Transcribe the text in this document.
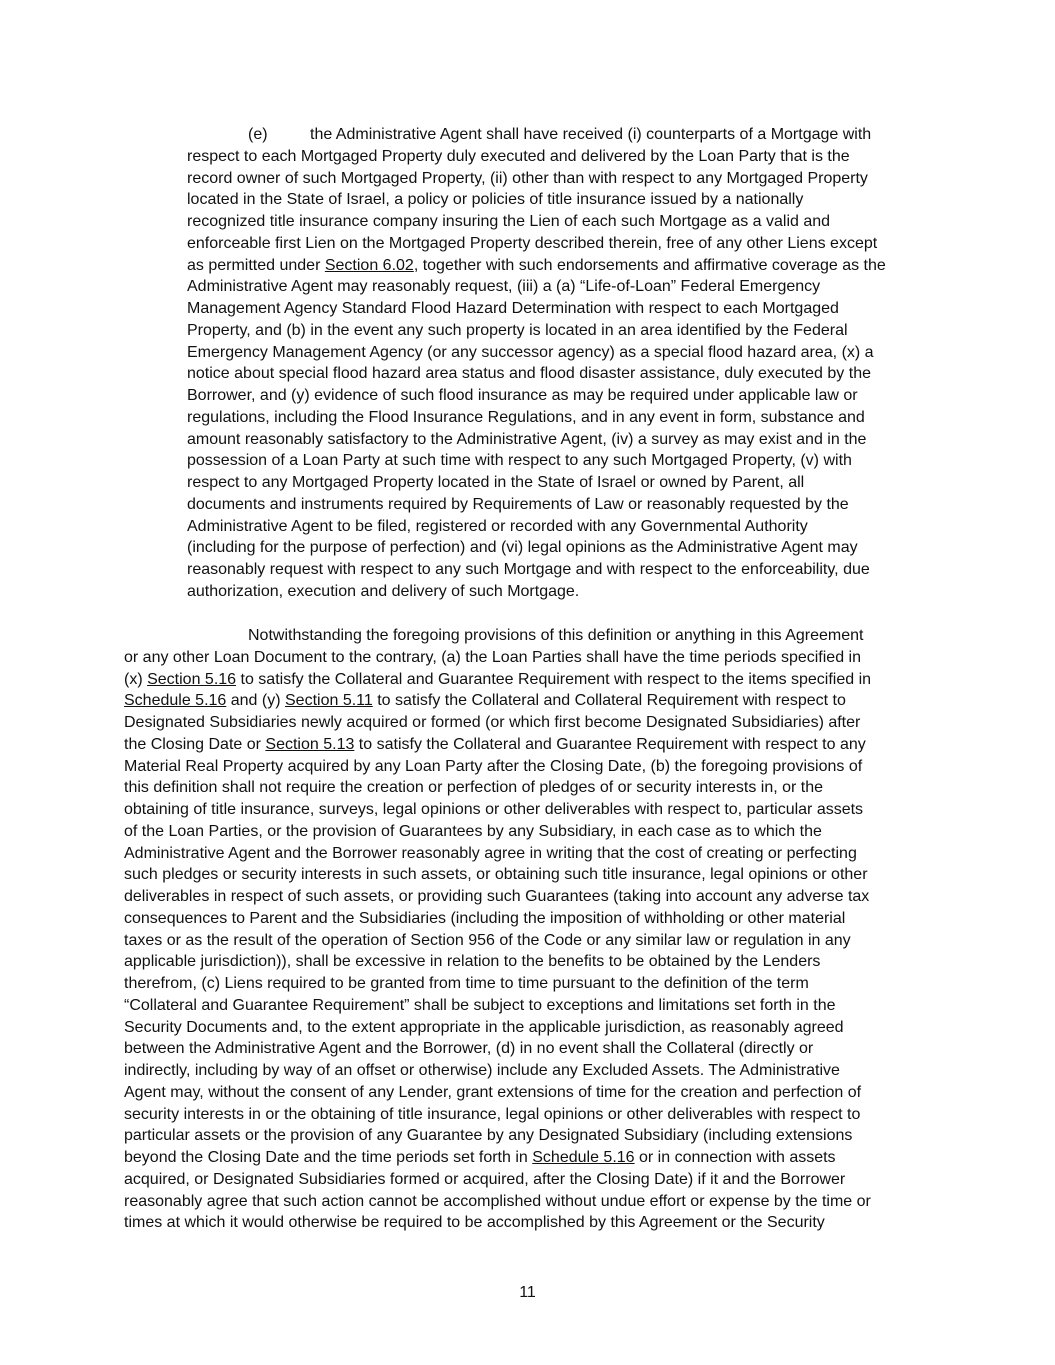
(e)	the Administrative Agent shall have received (i) counterparts of a Mortgage with
respect to each Mortgaged Property duly executed and delivered by the Loan Party that is the
record owner of such Mortgaged Property, (ii) other than with respect to any Mortgaged Property
located in the State of Israel, a policy or policies of title insurance issued by a nationally
recognized title insurance company insuring the Lien of each such Mortgage as a valid and
enforceable first Lien on the Mortgaged Property described therein, free of any other Liens except
as permitted under Section 6.02, together with such endorsements and affirmative coverage as the
Administrative Agent may reasonably request, (iii) a (a) “Life-of-Loan” Federal Emergency
Management Agency Standard Flood Hazard Determination with respect to each Mortgaged
Property, and (b) in the event any such property is located in an area identified by the Federal
Emergency Management Agency (or any successor agency) as a special flood hazard area, (x) a
notice about special flood hazard area status and flood disaster assistance, duly executed by the
Borrower, and (y) evidence of such flood insurance as may be required under applicable law or
regulations, including the Flood Insurance Regulations, and in any event in form, substance and
amount reasonably satisfactory to the Administrative Agent, (iv) a survey as may exist and in the
possession of a Loan Party at such time with respect to any such Mortgaged Property, (v) with
respect to any Mortgaged Property located in the State of Israel or owned by Parent, all
documents and instruments required by Requirements of Law or reasonably requested by the
Administrative Agent to be filed, registered or recorded with any Governmental Authority
(including for the purpose of perfection) and (vi) legal opinions as the Administrative Agent may
reasonably request with respect to any such Mortgage and with respect to the enforceability, due
authorization, execution and delivery of such Mortgage.
Notwithstanding the foregoing provisions of this definition or anything in this Agreement
or any other Loan Document to the contrary, (a) the Loan Parties shall have the time periods specified in
(x) Section 5.16 to satisfy the Collateral and Guarantee Requirement with respect to the items specified in
Schedule 5.16 and (y) Section 5.11 to satisfy the Collateral and Collateral Requirement with respect to
Designated Subsidiaries newly acquired or formed (or which first become Designated Subsidiaries) after
the Closing Date or Section 5.13 to satisfy the Collateral and Guarantee Requirement with respect to any
Material Real Property acquired by any Loan Party after the Closing Date, (b) the foregoing provisions of
this definition shall not require the creation or perfection of pledges of or security interests in, or the
obtaining of title insurance, surveys, legal opinions or other deliverables with respect to, particular assets
of the Loan Parties, or the provision of Guarantees by any Subsidiary, in each case as to which the
Administrative Agent and the Borrower reasonably agree in writing that the cost of creating or perfecting
such pledges or security interests in such assets, or obtaining such title insurance, legal opinions or other
deliverables in respect of such assets, or providing such Guarantees (taking into account any adverse tax
consequences to Parent and the Subsidiaries (including the imposition of withholding or other material
taxes or as the result of the operation of Section 956 of the Code or any similar law or regulation in any
applicable jurisdiction)), shall be excessive in relation to the benefits to be obtained by the Lenders
therefrom, (c) Liens required to be granted from time to time pursuant to the definition of the term
“Collateral and Guarantee Requirement” shall be subject to exceptions and limitations set forth in the
Security Documents and, to the extent appropriate in the applicable jurisdiction, as reasonably agreed
between the Administrative Agent and the Borrower, (d) in no event shall the Collateral (directly or
indirectly, including by way of an offset or otherwise) include any Excluded Assets. The Administrative
Agent may, without the consent of any Lender, grant extensions of time for the creation and perfection of
security interests in or the obtaining of title insurance, legal opinions or other deliverables with respect to
particular assets or the provision of any Guarantee by any Designated Subsidiary (including extensions
beyond the Closing Date and the time periods set forth in Schedule 5.16 or in connection with assets
acquired, or Designated Subsidiaries formed or acquired, after the Closing Date) if it and the Borrower
reasonably agree that such action cannot be accomplished without undue effort or expense by the time or
times at which it would otherwise be required to be accomplished by this Agreement or the Security
11
